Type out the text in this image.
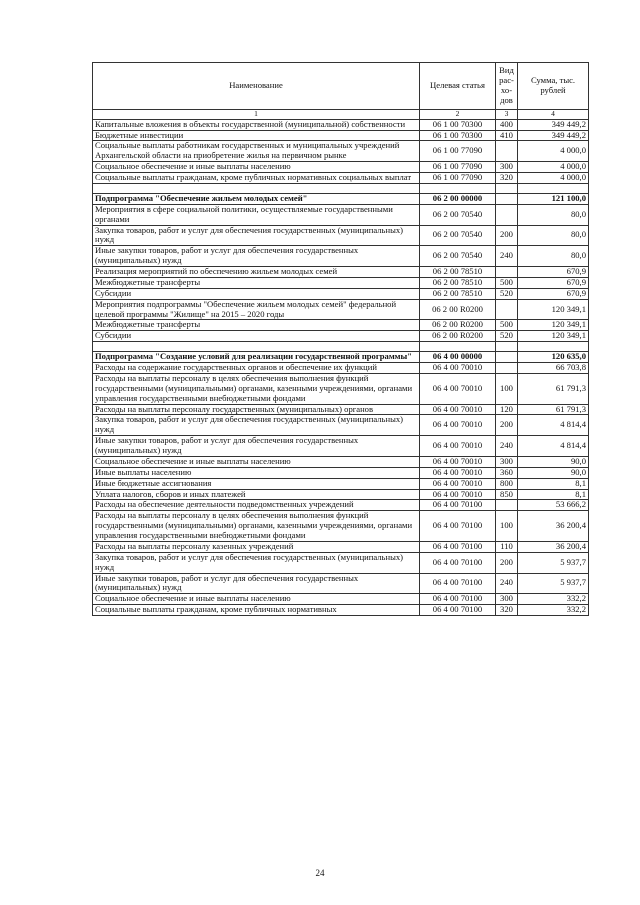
Наименование	Целевая статья	Вид рас-хо-дов	Сумма, тыс. рублей
1	2	3	4
Капитальные вложения в объекты государственной (муниципальной) собственности	06 1 00 70300	400	349 449,2
Бюджетные инвестиции	06 1 00 70300	410	349 449,2
Социальные выплаты работникам государственных и муниципальных учреждений Архангельской области на приобретение жилья на первичном рынке	06 1 00 77090		4 000,0
Социальное обеспечение и иные выплаты населению	06 1 00 77090	300	4 000,0
Социальные выплаты гражданам, кроме публичных нормативных социальных выплат	06 1 00 77090	320	4 000,0

Подпрограмма "Обеспечение жильем молодых семей"	06 2 00 00000		121 100,0
Мероприятия в сфере социальной политики, осуществляемые государственными органами	06 2 00 70540		80,0
Закупка товаров, работ и услуг для обеспечения государственных (муниципальных) нужд	06 2 00 70540	200	80,0
Иные закупки товаров, работ и услуг для обеспечения государственных (муниципальных) нужд	06 2 00 70540	240	80,0
Реализация мероприятий по обеспечению жильем молодых семей	06 2 00 78510		670,9
Межбюджетные трансферты	06 2 00 78510	500	670,9
Субсидии	06 2 00 78510	520	670,9
Мероприятия подпрограммы "Обеспечение жильем молодых семей" федеральной целевой программы "Жилище" на 2015 – 2020 годы	06 2 00 R0200		120 349,1
Межбюджетные трансферты	06 2 00 R0200	500	120 349,1
Субсидии	06 2 00 R0200	520	120 349,1

Подпрограмма "Создание условий для реализации государственной программы"	06 4 00 00000		120 635,0
Расходы на содержание государственных органов и обеспечение их функций	06 4 00 70010		66 703,8
Расходы на выплаты персоналу в целях обеспечения выполнения функций государственными (муниципальными) органами, казенными учреждениями, органами управления государственными внебюджетными фондами	06 4 00 70010	100	61 791,3
Расходы на выплаты персоналу государственных (муниципальных) органов	06 4 00 70010	120	61 791,3
Закупка товаров, работ и услуг для обеспечения государственных (муниципальных) нужд	06 4 00 70010	200	4 814,4
Иные закупки товаров, работ и услуг для обеспечения государственных (муниципальных) нужд	06 4 00 70010	240	4 814,4
Социальное обеспечение и иные выплаты населению	06 4 00 70010	300	90,0
Иные выплаты населению	06 4 00 70010	360	90,0
Иные бюджетные ассигнования	06 4 00 70010	800	8,1
Уплата налогов, сборов и иных платежей	06 4 00 70010	850	8,1
Расходы на обеспечение деятельности подведомственных учреждений	06 4 00 70100		53 666,2
Расходы на выплаты персоналу в целях обеспечения выполнения функций государственными (муниципальными) органами, казенными учреждениями, органами управления государственными внебюджетными фондами	06 4 00 70100	100	36 200,4
Расходы на выплаты персоналу казенных учреждений	06 4 00 70100	110	36 200,4
Закупка товаров, работ и услуг для обеспечения государственных (муниципальных) нужд	06 4 00 70100	200	5 937,7
Иные закупки товаров, работ и услуг для обеспечения государственных (муниципальных) нужд	06 4 00 70100	240	5 937,7
Социальное обеспечение и иные выплаты населению	06 4 00 70100	300	332,2
Социальные выплаты гражданам, кроме публичных нормативных	06 4 00 70100	320	332,2
24
